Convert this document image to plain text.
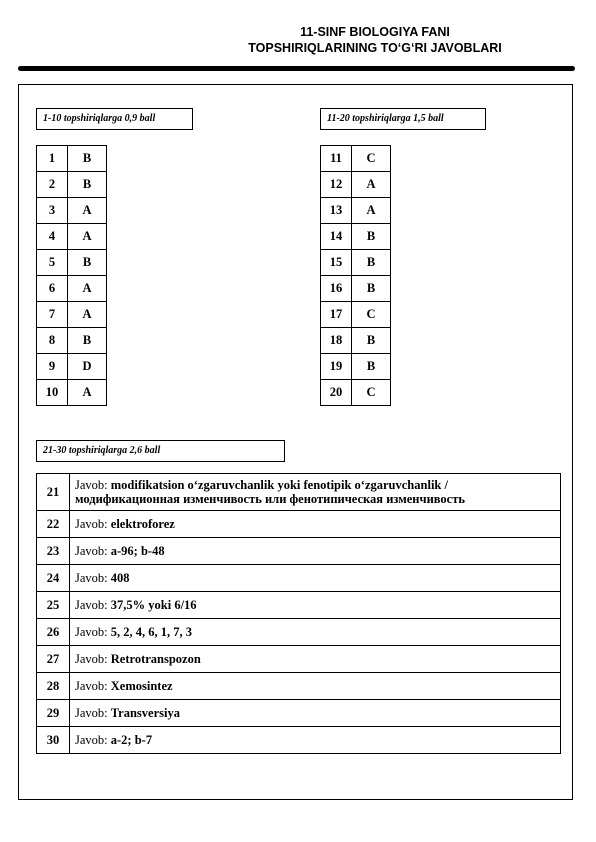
11-SINF BIOLOGIYA FANI
TOPSHIRIQLARINING TO‘G‘RI JAVOBLARI
1-10 topshiriqlarga 0,9 ball	11-20 topshiriqlarga 1,5 ball
1	B
2	B
3	A
4	A
5	B
6	A
7	A
8	B
9	D
10	A
11	C
12	A
13	A
14	B
15	B
16	B
17	C
18	B
19	B
20	C
21-30 topshiriqlarga 2,6 ball
21	Javob: modifikatsion o‘zgaruvchanlik yoki fenotipik o‘zgaruvchanlik / модификационная изменчивость или фенотипическая изменчивость
22	Javob: elektroforez
23	Javob: a-96; b-48
24	Javob: 408
25	Javob: 37,5% yoki 6/16
26	Javob: 5, 2, 4, 6, 1, 7, 3
27	Javob: Retrotranspozon
28	Javob: Xemosintez
29	Javob: Transversiya
30	Javob: a-2; b-7
